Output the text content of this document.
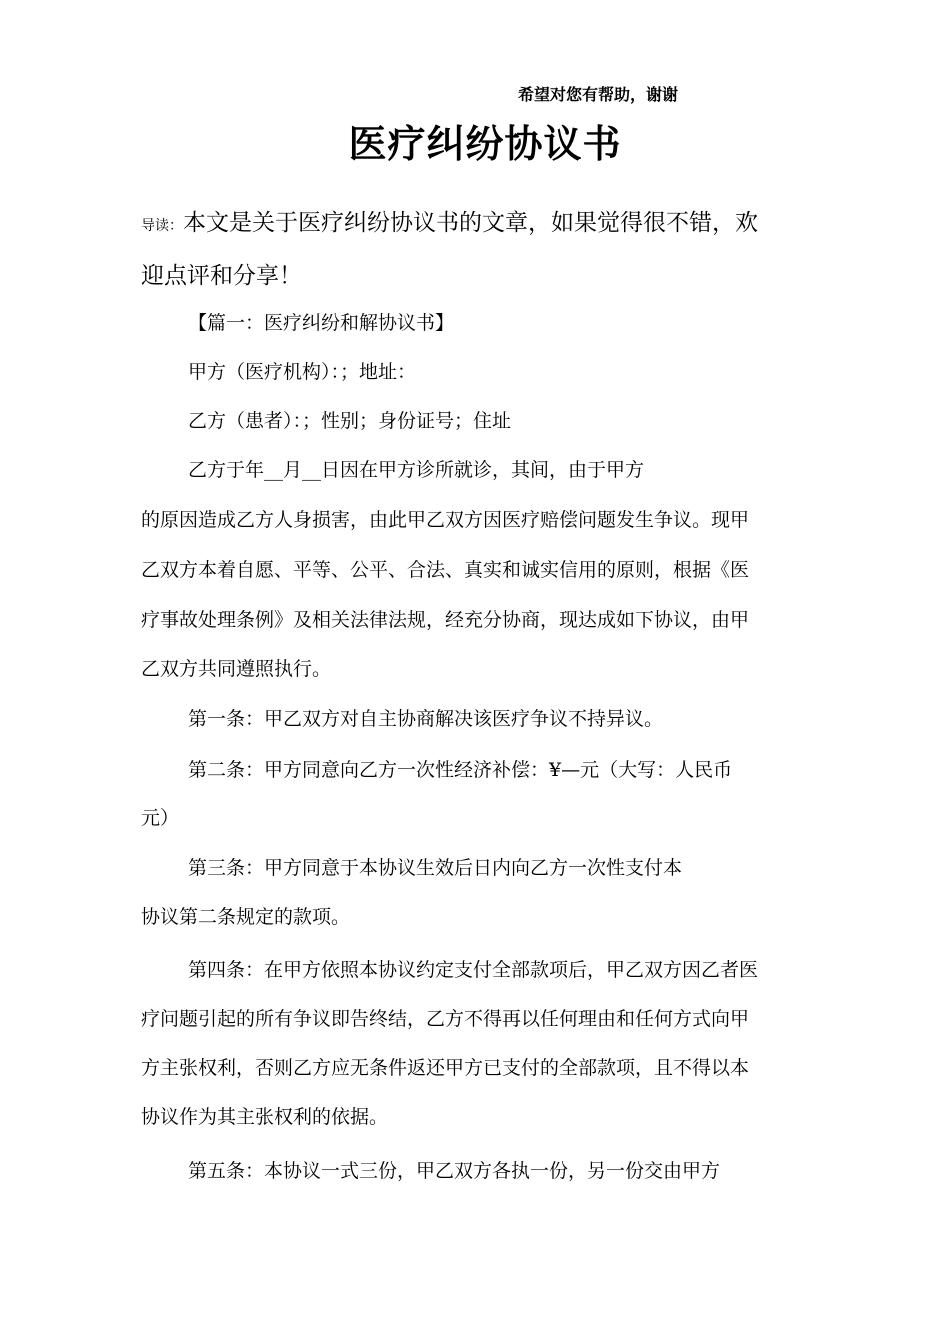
希望对您有帮助，谢谢
医疗纠纷协议书
导读：本文是关于医疗纠纷协议书的文章，如果觉得很不错，欢
迎点评和分享！
【篇一：医疗纠纷和解协议书】
甲方（医疗机构）：；地址：
乙方（患者）：；性别；身份证号；住址
乙方于年__月__日因在甲方诊所就诊，其间，由于甲方
的原因造成乙方人身损害，由此甲乙双方因医疗赔偿问题发生争议。现甲
乙双方本着自愿、平等、公平、合法、真实和诚实信用的原则，根据《医
疗事故处理条例》及相关法律法规，经充分协商，现达成如下协议，由甲
乙双方共同遵照执行。
第一条：甲乙双方对自主协商解决该医疗争议不持异议。
第二条：甲方同意向乙方一次性经济补偿：¥—元（大写：人民币
元）
第三条：甲方同意于本协议生效后日内向乙方一次性支付本
协议第二条规定的款项。
第四条：在甲方依照本协议约定支付全部款项后，甲乙双方因乙者医
疗问题引起的所有争议即告终结，乙方不得再以任何理由和任何方式向甲
方主张权利，否则乙方应无条件返还甲方已支付的全部款项，且不得以本
协议作为其主张权利的依据。
第五条：本协议一式三份，甲乙双方各执一份，另一份交由甲方
